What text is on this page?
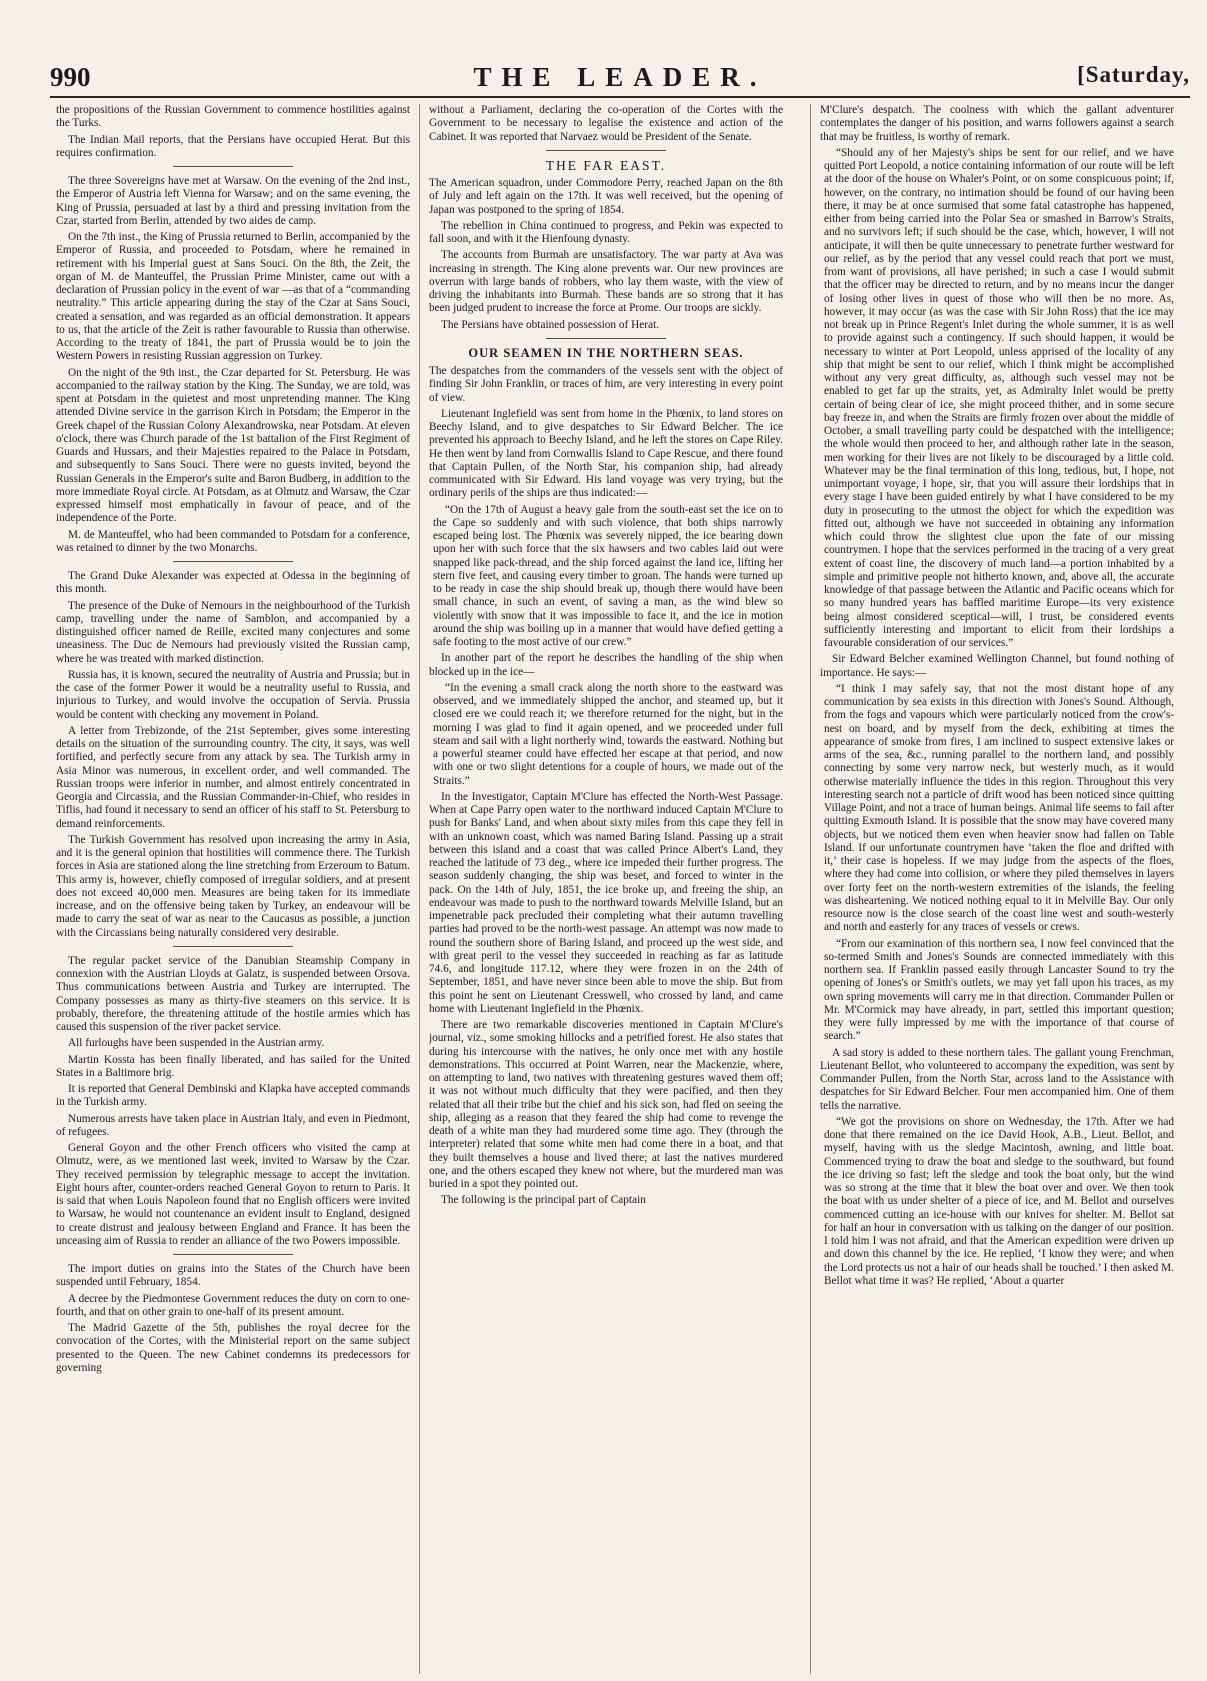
990	THE LEADER.	[Saturday,

the propositions of the Russian Government to commence hostilities against the Turks.

The Indian Mail reports, that the Persians have occupied Herat. But this requires confirmation.

The three Sovereigns have met at Warsaw. On the evening of the 2nd inst., the Emperor of Austria left Vienna for Warsaw; and on the same evening, the King of Prussia, persuaded at last by a third and pressing invitation from the Czar, started from Berlin, attended by two aides de camp.

On the 7th inst., the King of Prussia returned to Berlin, accompanied by the Emperor of Russia, and proceeded to Potsdam, where he remained in retirement with his Imperial guest at Sans Souci. On the 8th, the Zeit, the organ of M. de Manteuffel, the Prussian Prime Minister, came out with a declaration of Prussian policy in the event of war —as that of a “commanding neutrality.” This article appearing during the stay of the Czar at Sans Souci, created a sensation, and was regarded as an official demonstration. It appears to us, that the article of the Zeit is rather favourable to Russia than otherwise. According to the treaty of 1841, the part of Prussia would be to join the Western Powers in resisting Russian aggression on Turkey.

On the night of the 9th inst., the Czar departed for St. Petersburg. He was accompanied to the railway station by the King. The Sunday, we are told, was spent at Potsdam in the quietest and most unpretending manner. The King attended Divine service in the garrison Kirch in Potsdam; the Emperor in the Greek chapel of the Russian Colony Alexandrowska, near Potsdam. At eleven o'clock, there was Church parade of the 1st battalion of the First Regiment of Guards and Hussars, and their Majesties repaired to the Palace in Potsdam, and subsequently to Sans Souci. There were no guests invited, beyond the Russian Generals in the Emperor's suite and Baron Budberg, in addition to the more immediate Royal circle. At Potsdam, as at Olmutz and Warsaw, the Czar expressed himself most emphatically in favour of peace, and of the independence of the Porte.

M. de Manteuffel, who had been commanded to Potsdam for a conference, was retained to dinner by the two Monarchs.

The Grand Duke Alexander was expected at Odessa in the beginning of this month.

The presence of the Duke of Nemours in the neighbourhood of the Turkish camp, travelling under the name of Samblon, and accompanied by a distinguished officer named de Reille, excited many conjectures and some uneasiness. The Duc de Nemours had previously visited the Russian camp, where he was treated with marked distinction.

Russia has, it is known, secured the neutrality of Austria and Prussia; but in the case of the former Power it would be a neutrality useful to Russia, and injurious to Turkey, and would involve the occupation of Servia. Prussia would be content with checking any movement in Poland.

A letter from Trebizonde, of the 21st September, gives some interesting details on the situation of the surrounding country. The city, it says, was well fortified, and perfectly secure from any attack by sea. The Turkish army in Asia Minor was numerous, in excellent order, and well commanded. The Russian troops were inferior in number, and almost entirely concentrated in Georgia and Circassia, and the Russian Commander-in-Chief, who resides in Tiflis, had found it necessary to send an officer of his staff to St. Petersburg to demand reinforcements.

The Turkish Government has resolved upon increasing the army in Asia, and it is the general opinion that hostilities will commence there. The Turkish forces in Asia are stationed along the line stretching from Erzeroum to Batum. This army is, however, chiefly composed of irregular soldiers, and at present does not exceed 40,000 men. Measures are being taken for its immediate increase, and on the offensive being taken by Turkey, an endeavour will be made to carry the seat of war as near to the Caucasus as possible, a junction with the Circassians being naturally considered very desirable.

The regular packet service of the Danubian Steamship Company in connexion with the Austrian Lloyds at Galatz, is suspended between Orsova. Thus communications between Austria and Turkey are interrupted. The Company possesses as many as thirty-five steamers on this service. It is probably, therefore, the threatening attitude of the hostile armies which has caused this suspension of the river packet service.

All furloughs have been suspended in the Austrian army.

Martin Kossta has been finally liberated, and has sailed for the United States in a Baltimore brig.

It is reported that General Dembinski and Klapka have accepted commands in the Turkish army.

Numerous arrests have taken place in Austrian Italy, and even in Piedmont, of refugees.

General Goyon and the other French officers who visited the camp at Olmutz, were, as we mentioned last week, invited to Warsaw by the Czar. They received permission by telegraphic message to accept the invitation. Eight hours after, counter-orders reached General Goyon to return to Paris. It is said that when Louis Napoleon found that no English officers were invited to Warsaw, he would not countenance an evident insult to England, designed to create distrust and jealousy between England and France. It has been the unceasing aim of Russia to render an alliance of the two Powers impossible.

The import duties on grains into the States of the Church have been suspended until February, 1854.

A decree by the Piedmontese Government reduces the duty on corn to one-fourth, and that on other grain to one-half of its present amount.

The Madrid Gazette of the 5th, publishes the royal decree for the convocation of the Cortes, with the Ministerial report on the same subject presented to the Queen. The new Cabinet condemns its predecessors for governing

without a Parliament, declaring the co-operation of the Cortes with the Government to be necessary to legalise the existence and action of the Cabinet. It was reported that Narvaez would be President of the Senate.

THE FAR EAST.

The American squadron, under Commodore Perry, reached Japan on the 8th of July and left again on the 17th. It was well received, but the opening of Japan was postponed to the spring of 1854.

The rebellion in China continued to progress, and Pekin was expected to fall soon, and with it the Hienfoung dynasty.

The accounts from Burmah are unsatisfactory. The war party at Ava was increasing in strength. The King alone prevents war. Our new provinces are overrun with large bands of robbers, who lay them waste, with the view of driving the inhabitants into Burmah. These bands are so strong that it has been judged prudent to increase the force at Prome. Our troops are sickly.

The Persians have obtained possession of Herat.

OUR SEAMEN IN THE NORTHERN SEAS.

The despatches from the commanders of the vessels sent with the object of finding Sir John Franklin, or traces of him, are very interesting in every point of view.

Lieutenant Inglefield was sent from home in the Phœnix, to land stores on Beechy Island, and to give despatches to Sir Edward Belcher. The ice prevented his approach to Beechy Island, and he left the stores on Cape Riley. He then went by land from Cornwallis Island to Cape Rescue, and there found that Captain Pullen, of the North Star, his companion ship, had already communicated with Sir Edward. His land voyage was very trying, but the ordinary perils of the ships are thus indicated:—

“On the 17th of August a heavy gale from the south-east set the ice on to the Cape so suddenly and with such violence, that both ships narrowly escaped being lost. The Phœnix was severely nipped, the ice bearing down upon her with such force that the six hawsers and two cables laid out were snapped like pack-thread, and the ship forced against the land ice, lifting her stern five feet, and causing every timber to groan. The hands were turned up to be ready in case the ship should break up, though there would have been small chance, in such an event, of saving a man, as the wind blew so violently with snow that it was impossible to face it, and the ice in motion around the ship was boiling up in a manner that would have defied getting a safe footing to the most active of our crew.”

In another part of the report he describes the handling of the ship when blocked up in the ice—

“In the evening a small crack along the north shore to the eastward was observed, and we immediately shipped the anchor, and steamed up, but it closed ere we could reach it; we therefore returned for the night, but in the morning I was glad to find it again opened, and we proceeded under full steam and sail with a light northerly wind, towards the eastward. Nothing but a powerful steamer could have effected her escape at that period, and now with one or two slight detentions for a couple of hours, we made out of the Straits.”

In the Investigator, Captain M'Clure has effected the North-West Passage. When at Cape Parry open water to the northward induced Captain M'Clure to push for Banks' Land, and when about sixty miles from this cape they fell in with an unknown coast, which was named Baring Island. Passing up a strait between this island and a coast that was called Prince Albert's Land, they reached the latitude of 73 deg., where ice impeded their further progress. The season suddenly changing, the ship was beset, and forced to winter in the pack. On the 14th of July, 1851, the ice broke up, and freeing the ship, an endeavour was made to push to the northward towards Melville Island, but an impenetrable pack precluded their completing what their autumn travelling parties had proved to be the north-west passage. An attempt was now made to round the southern shore of Baring Island, and proceed up the west side, and with great peril to the vessel they succeeded in reaching as far as latitude 74.6, and longitude 117.12, where they were frozen in on the 24th of September, 1851, and have never since been able to move the ship. But from this point he sent on Lieutenant Cresswell, who crossed by land, and came home with Lieutenant Inglefield in the Phœnix.

There are two remarkable discoveries mentioned in Captain M'Clure's journal, viz., some smoking hillocks and a petrified forest. He also states that during his intercourse with the natives, he only once met with any hostile demonstrations. This occurred at Point Warren, near the Mackenzie, where, on attempting to land, two natives with threatening gestures waved them off; it was not without much difficulty that they were pacified, and then they related that all their tribe but the chief and his sick son, had fled on seeing the ship, alleging as a reason that they feared the ship had come to revenge the death of a white man they had murdered some time ago. They (through the interpreter) related that some white men had come there in a boat, and that they built themselves a house and lived there; at last the natives murdered one, and the others escaped they knew not where, but the murdered man was buried in a spot they pointed out.

The following is the principal part of Captain

M'Clure's despatch. The coolness with which the gallant adventurer contemplates the danger of his position, and warns followers against a search that may be fruitless, is worthy of remark.

“Should any of her Majesty's ships be sent for our relief, and we have quitted Port Leopold, a notice containing information of our route will be left at the door of the house on Whaler's Point, or on some conspicuous point; if, however, on the contrary, no intimation should be found of our having been there, it may be at once surmised that some fatal catastrophe has happened, either from being carried into the Polar Sea or smashed in Barrow's Straits, and no survivors left; if such should be the case, which, however, I will not anticipate, it will then be quite unnecessary to penetrate further westward for our relief, as by the period that any vessel could reach that port we must, from want of provisions, all have perished; in such a case I would submit that the officer may be directed to return, and by no means incur the danger of losing other lives in quest of those who will then be no more. As, however, it may occur (as was the case with Sir John Ross) that the ice may not break up in Prince Regent's Inlet during the whole summer, it is as well to provide against such a contingency. If such should happen, it would be necessary to winter at Port Leopold, unless apprised of the locality of any ship that might be sent to our relief, which I think might be accomplished without any very great difficulty, as, although such vessel may not be enabled to get far up the straits, yet, as Admiralty Inlet would be pretty certain of being clear of ice, she might proceed thither, and in some secure bay freeze in, and when the Straits are firmly frozen over about the middle of October, a small travelling party could be despatched with the intelligence; the whole would then proceed to her, and although rather late in the season, men working for their lives are not likely to be discouraged by a little cold. Whatever may be the final termination of this long, tedious, but, I hope, not unimportant voyage, I hope, sir, that you will assure their lordships that in every stage I have been guided entirely by what I have considered to be my duty in prosecuting to the utmost the object for which the expedition was fitted out, although we have not succeeded in obtaining any information which could throw the slightest clue upon the fate of our missing countrymen. I hope that the services performed in the tracing of a very great extent of coast line, the discovery of much land—a portion inhabited by a simple and primitive people not hitherto known, and, above all, the accurate knowledge of that passage between the Atlantic and Pacific oceans which for so many hundred years has baffled maritime Europe—its very existence being almost considered sceptical—will, I trust, be considered events sufficiently interesting and important to elicit from their lordships a favourable consideration of our services.”

Sir Edward Belcher examined Wellington Channel, but found nothing of importance. He says:—

“I think I may safely say, that not the most distant hope of any communication by sea exists in this direction with Jones's Sound. Although, from the fogs and vapours which were particularly noticed from the crow's-nest on board, and by myself from the deck, exhibiting at times the appearance of smoke from fires, I am inclined to suspect extensive lakes or arms of the sea, &c., running parallel to the northern land, and possibly connecting by some very narrow neck, but westerly much, as it would otherwise materially influence the tides in this region. Throughout this very interesting search not a particle of drift wood has been noticed since quitting Village Point, and not a trace of human beings. Animal life seems to fail after quitting Exmouth Island. It is possible that the snow may have covered many objects, but we noticed them even when heavier snow had fallen on Table Island. If our unfortunate countrymen have ‘taken the floe and drifted with it,’ their case is hopeless. If we may judge from the aspects of the floes, where they had come into collision, or where they piled themselves in layers over forty feet on the north-western extremities of the islands, the feeling was disheartening. We noticed nothing equal to it in Melville Bay. Our only resource now is the close search of the coast line west and south-westerly and north and easterly for any traces of vessels or crews.

“From our examination of this northern sea, I now feel convinced that the so-termed Smith and Jones's Sounds are connected immediately with this northern sea. If Franklin passed easily through Lancaster Sound to try the opening of Jones's or Smith's outlets, we may yet fall upon his traces, as my own spring movements will carry me in that direction. Commander Pullen or Mr. M'Cormick may have already, in part, settled this important question; they were fully impressed by me with the importance of that course of search.”

A sad story is added to these northern tales. The gallant young Frenchman, Lieutenant Bellot, who volunteered to accompany the expedition, was sent by Commander Pullen, from the North Star, across land to the Assistance with despatches for Sir Edward Belcher. Four men accompanied him. One of them tells the narrative.

“We got the provisions on shore on Wednesday, the 17th. After we had done that there remained on the ice David Hook, A.B., Lieut. Bellot, and myself, having with us the sledge Macintosh, awning, and little boat. Commenced trying to draw the boat and sledge to the southward, but found the ice driving so fast; left the sledge and took the boat only, but the wind was so strong at the time that it blew the boat over and over. We then took the boat with us under shelter of a piece of ice, and M. Bellot and ourselves commenced cutting an ice-house with our knives for shelter. M. Bellot sat for half an hour in conversation with us talking on the danger of our position. I told him I was not afraid, and that the American expedition were driven up and down this channel by the ice. He replied, ‘I know they were; and when the Lord protects us not a hair of our heads shall be touched.’ I then asked M. Bellot what time it was? He replied, ‘About a quarter
